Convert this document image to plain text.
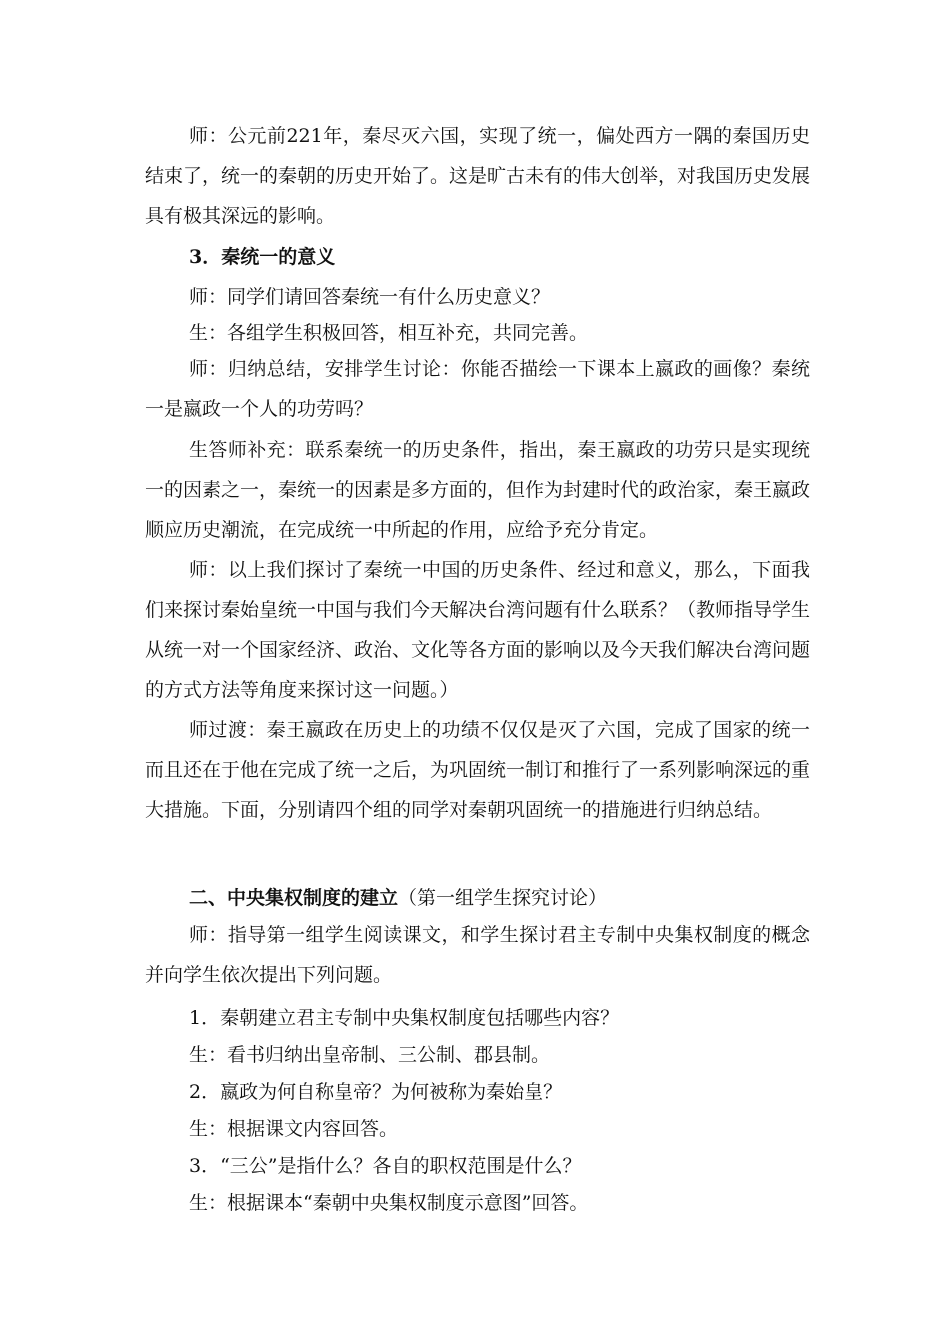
师：公元前221年，秦尽灭六国，实现了统一，偏处西方一隅的秦国历史结束了，统一的秦朝的历史开始了。这是旷古未有的伟大创举，对我国历史发展具有极其深远的影响。

3．秦统一的意义

师：同学们请回答秦统一有什么历史意义？

生：各组学生积极回答，相互补充，共同完善。

师：归纳总结，安排学生讨论：你能否描绘一下课本上嬴政的画像？秦统一是嬴政一个人的功劳吗？

生答师补充：联系秦统一的历史条件，指出，秦王嬴政的功劳只是实现统一的因素之一，秦统一的因素是多方面的，但作为封建时代的政治家，秦王嬴政顺应历史潮流，在完成统一中所起的作用，应给予充分肯定。

师：以上我们探讨了秦统一中国的历史条件、经过和意义，那么，下面我们来探讨秦始皇统一中国与我们今天解决台湾问题有什么联系？（教师指导学生从统一对一个国家经济、政治、文化等各方面的影响以及今天我们解决台湾问题的方式方法等角度来探讨这一问题。）

师过渡：秦王嬴政在历史上的功绩不仅仅是灭了六国，完成了国家的统一而且还在于他在完成了统一之后，为巩固统一制订和推行了一系列影响深远的重大措施。下面，分别请四个组的同学对秦朝巩固统一的措施进行归纳总结。

二、中央集权制度的建立（第一组学生探究讨论）

师：指导第一组学生阅读课文，和学生探讨君主专制中央集权制度的概念并向学生依次提出下列问题。

1．秦朝建立君主专制中央集权制度包括哪些内容？

生：看书归纳出皇帝制、三公制、郡县制。

2．嬴政为何自称皇帝？为何被称为秦始皇？

生：根据课文内容回答。

3．“三公”是指什么？各自的职权范围是什么？

生：根据课本“秦朝中央集权制度示意图”回答。
